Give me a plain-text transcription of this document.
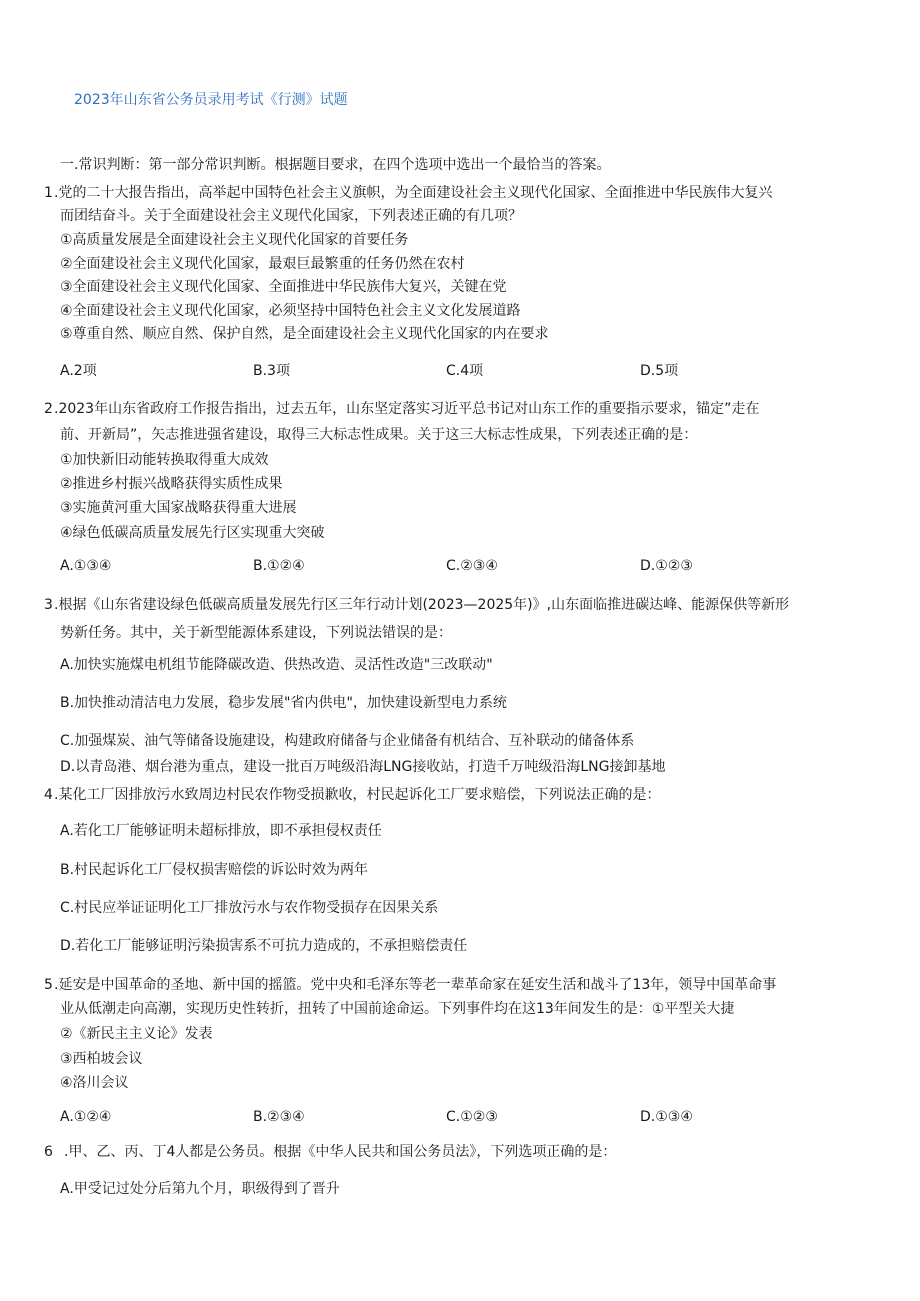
2023年山东省公务员录用考试《行测》试题
一.常识判断：第一部分常识判断。根据题目要求，在四个选项中选出一个最恰当的答案。
1 .党的二十大报告指出，高举起中国特色社会主义旗帜，为全面建设社会主义现代化国家、全面推进中华民族伟大复兴
而团结奋斗。关于全面建设社会主义现代化国家，下列表述正确的有几项？
①高质量发展是全面建设社会主义现代化国家的首要任务
②全面建设社会主义现代化国家，最艰巨最繁重的任务仍然在农村
③全面建设社会主义现代化国家、全面推进中华民族伟大复兴，关键在党
④全面建设社会主义现代化国家，必须坚持中国特色社会主义文化发展道路
⑤尊重自然、顺应自然、保护自然，是全面建设社会主义现代化国家的内在要求
A.2项	B.3项	C.4项	D.5项
2 .2023年山东省政府工作报告指出，过去五年，山东坚定落实习近平总书记对山东工作的重要指示要求，锚定”走在
前、开新局”，矢志推进强省建设，取得三大标志性成果。关于这三大标志性成果，下列表述正确的是：
①加快新旧动能转换取得重大成效
②推进乡村振兴战略获得实质性成果
③实施黄河重大国家战略获得重大进展
④绿色低碳高质量发展先行区实现重大突破
A.①③④	B.①②④	C.②③④	D.①②③
3 .根据《山东省建设绿色低碳高质量发展先行区三年行动计划(2023—2025年)》,山东面临推进碳达峰、能源保供等新形
势新任务。其中，关于新型能源体系建设，下列说法错误的是：
A.加快实施煤电机组节能降碳改造、供热改造、灵活性改造"三改联动"
B.加快推动清洁电力发展，稳步发展"省内供电"，加快建设新型电力系统
C.加强煤炭、油气等储备设施建设，构建政府储备与企业储备有机结合、互补联动的储备体系
D.以青岛港、烟台港为重点，建设一批百万吨级沿海LNG接收站，打造千万吨级沿海LNG接卸基地
4 .某化工厂因排放污水致周边村民农作物受损歉收，村民起诉化工厂要求赔偿，下列说法正确的是：
A.若化工厂能够证明未超标排放，即不承担侵权责任
B.村民起诉化工厂侵权损害赔偿的诉讼时效为两年
C.村民应举证证明化工厂排放污水与农作物受损存在因果关系
D.若化工厂能够证明污染损害系不可抗力造成的，不承担赔偿责任
5 .延安是中国革命的圣地、新中国的摇篮。党中央和毛泽东等老一辈革命家在延安生活和战斗了13年，领导中国革命事
业从低潮走向高潮，实现历史性转折，扭转了中国前途命运。下列事件均在这13年间发生的是：①平型关大捷
②《新民主主义论》发表
③西柏坡会议
④洛川会议
A.①②④	B.②③④	C.①②③	D.①③④
6 .甲、乙、丙、丁4人都是公务员。根据《中华人民共和国公务员法》，下列选项正确的是：
A.甲受记过处分后第九个月，职级得到了晋升
